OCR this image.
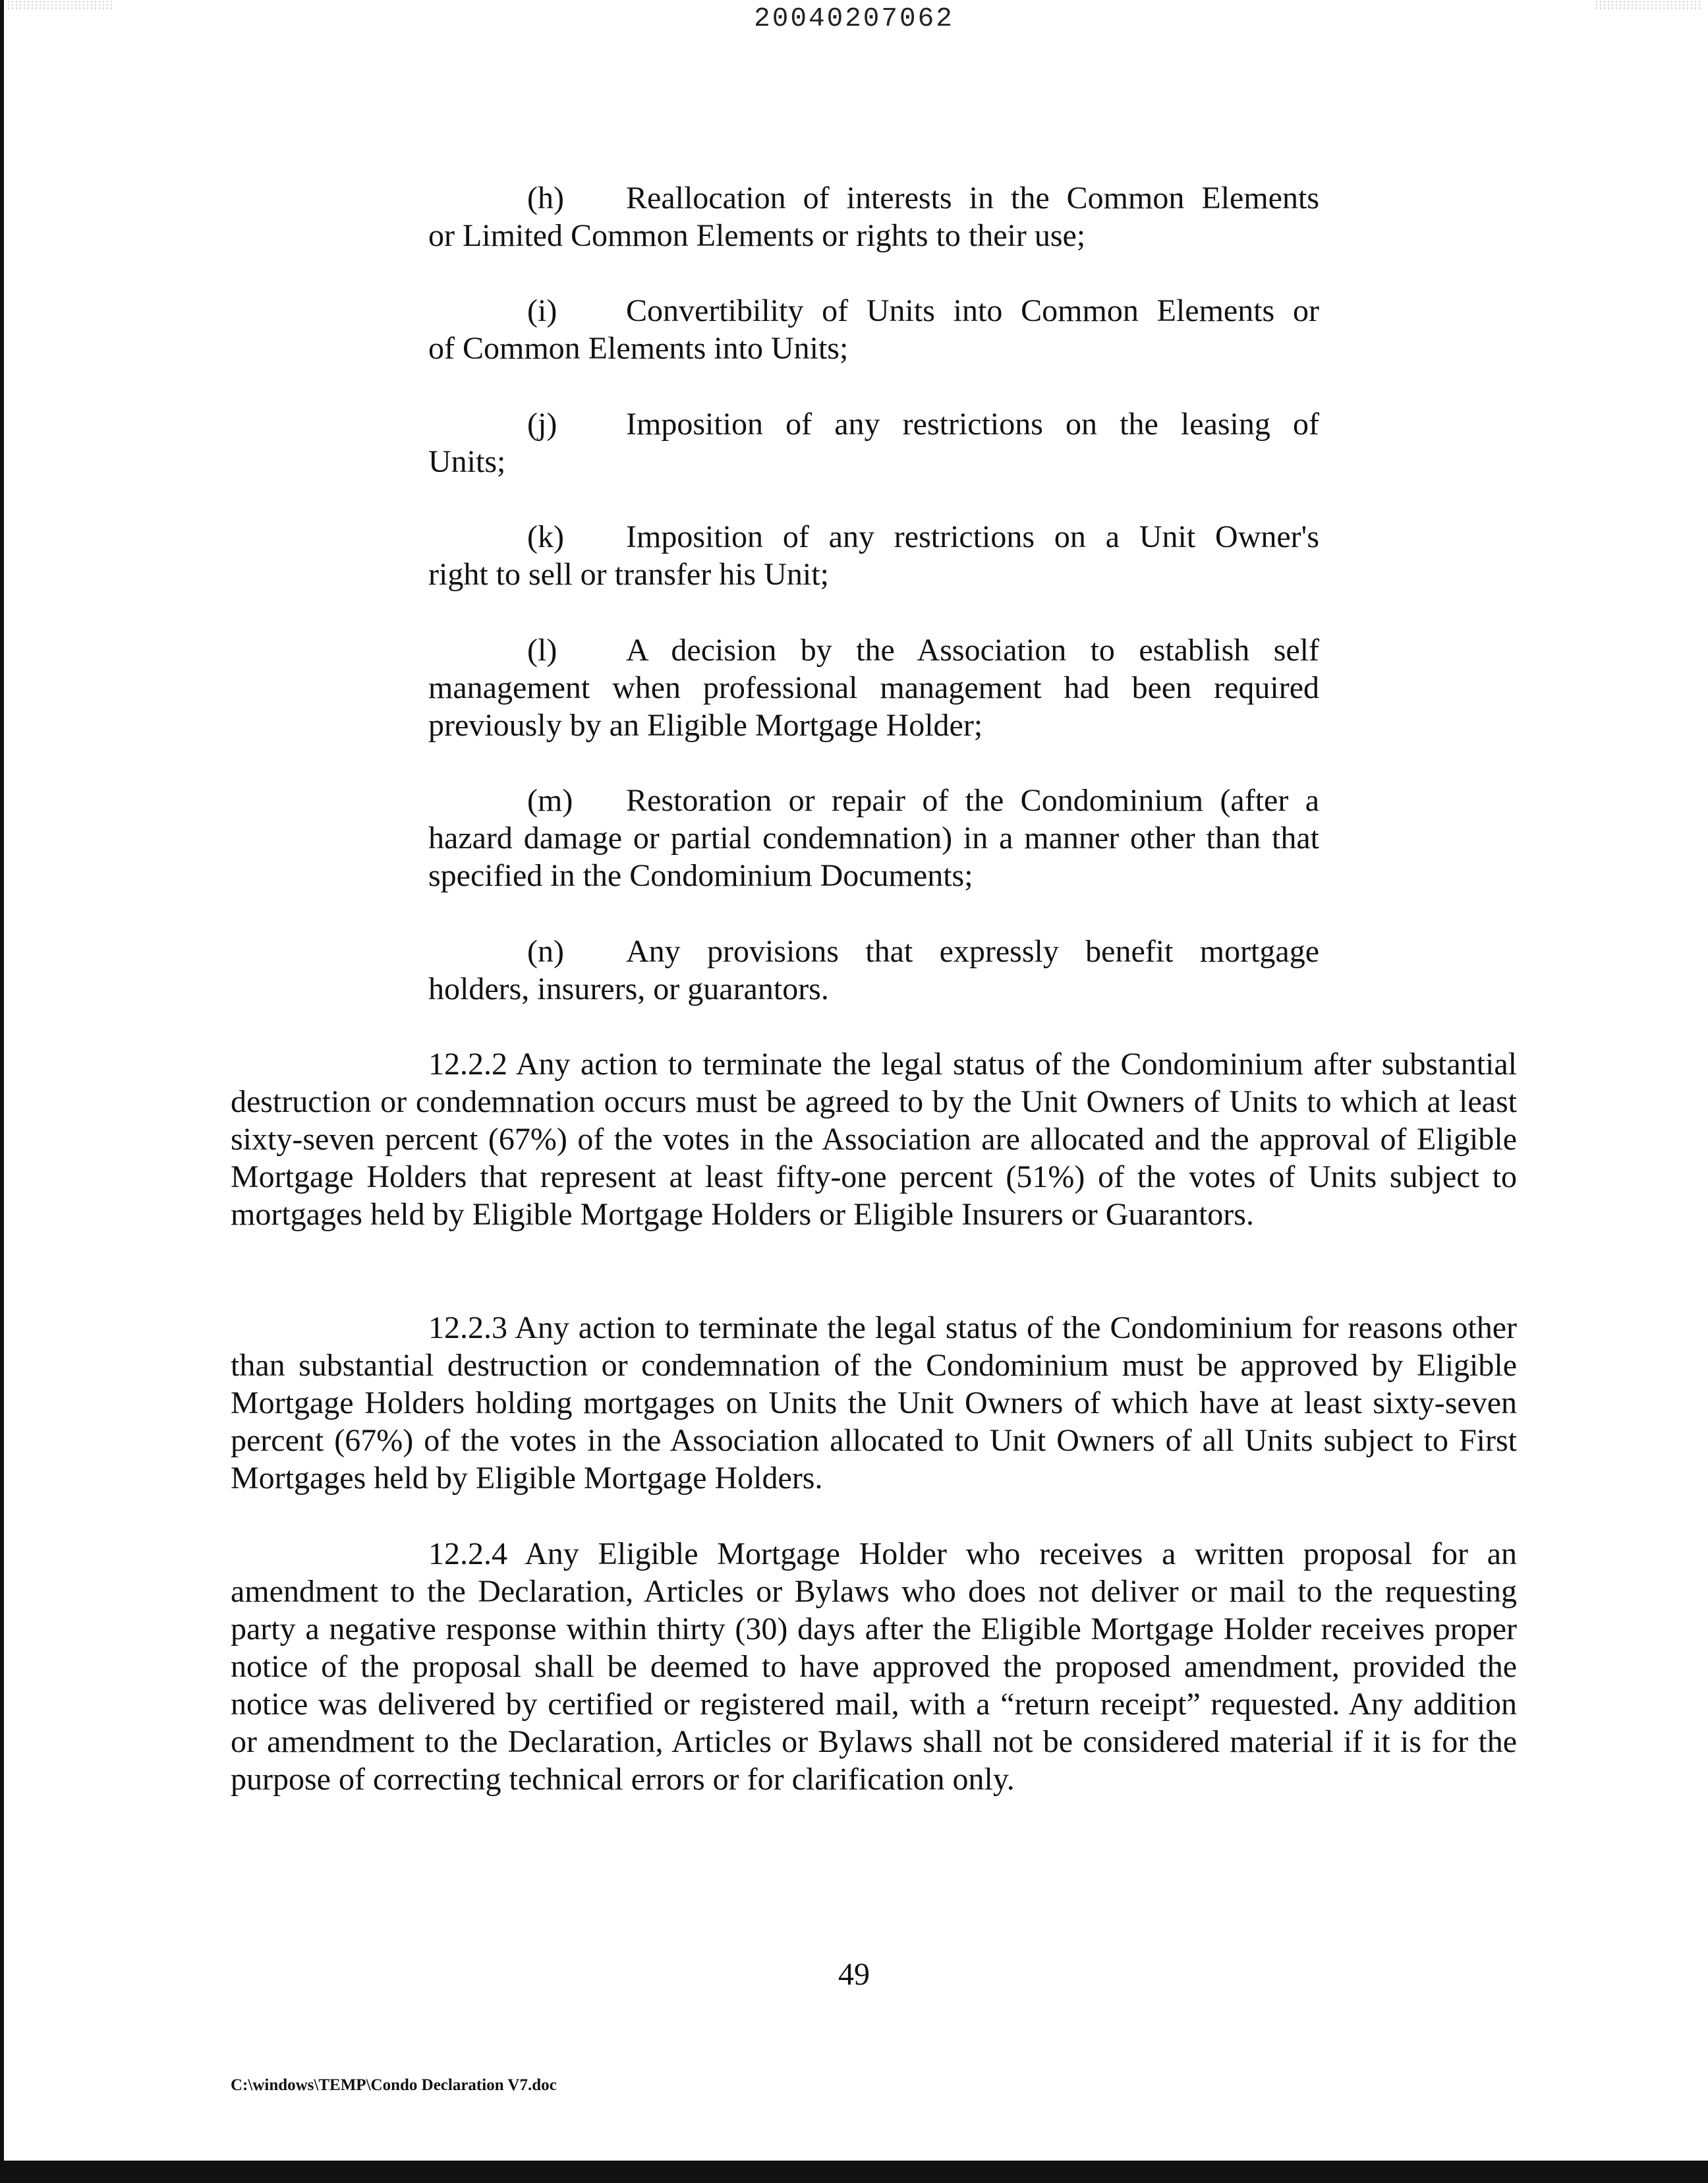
20040207062
(h)	Reallocation of interests in the Common Elements
or Limited Common Elements or rights to their use;
(i)	Convertibility of Units into Common Elements or
of Common Elements into Units;
(j)	Imposition of any restrictions on the leasing of
Units;
(k)	Imposition of any restrictions on a Unit Owner's
right to sell or transfer his Unit;
(l)	A decision by the Association to establish self
management when professional management had been required previously by an Eligible Mortgage Holder;
(m)	Restoration or repair of the Condominium (after a
hazard damage or partial condemnation) in a manner other than that specified in the Condominium Documents;
(n)	Any provisions that expressly benefit mortgage
holders, insurers, or guarantors.
12.2.2 Any action to terminate the legal status of the Condominium after substantial destruction or condemnation occurs must be agreed to by the Unit Owners of Units to which at least sixty-seven percent (67%) of the votes in the Association are allocated and the approval of Eligible Mortgage Holders that represent at least fifty-one percent (51%) of the votes of Units subject to mortgages held by Eligible Mortgage Holders or Eligible Insurers or Guarantors.
12.2.3 Any action to terminate the legal status of the Condominium for reasons other than substantial destruction or condemnation of the Condominium must be approved by Eligible Mortgage Holders holding mortgages on Units the Unit Owners of which have at least sixty-seven percent (67%) of the votes in the Association allocated to Unit Owners of all Units subject to First Mortgages held by Eligible Mortgage Holders.
12.2.4 Any Eligible Mortgage Holder who receives a written proposal for an amendment to the Declaration, Articles or Bylaws who does not deliver or mail to the requesting party a negative response within thirty (30) days after the Eligible Mortgage Holder receives proper notice of the proposal shall be deemed to have approved the proposed amendment, provided the notice was delivered by certified or registered mail, with a “return receipt” requested. Any addition or amendment to the Declaration, Articles or Bylaws shall not be considered material if it is for the purpose of correcting technical errors or for clarification only.
49
C:\windows\TEMP\Condo Declaration V7.doc
